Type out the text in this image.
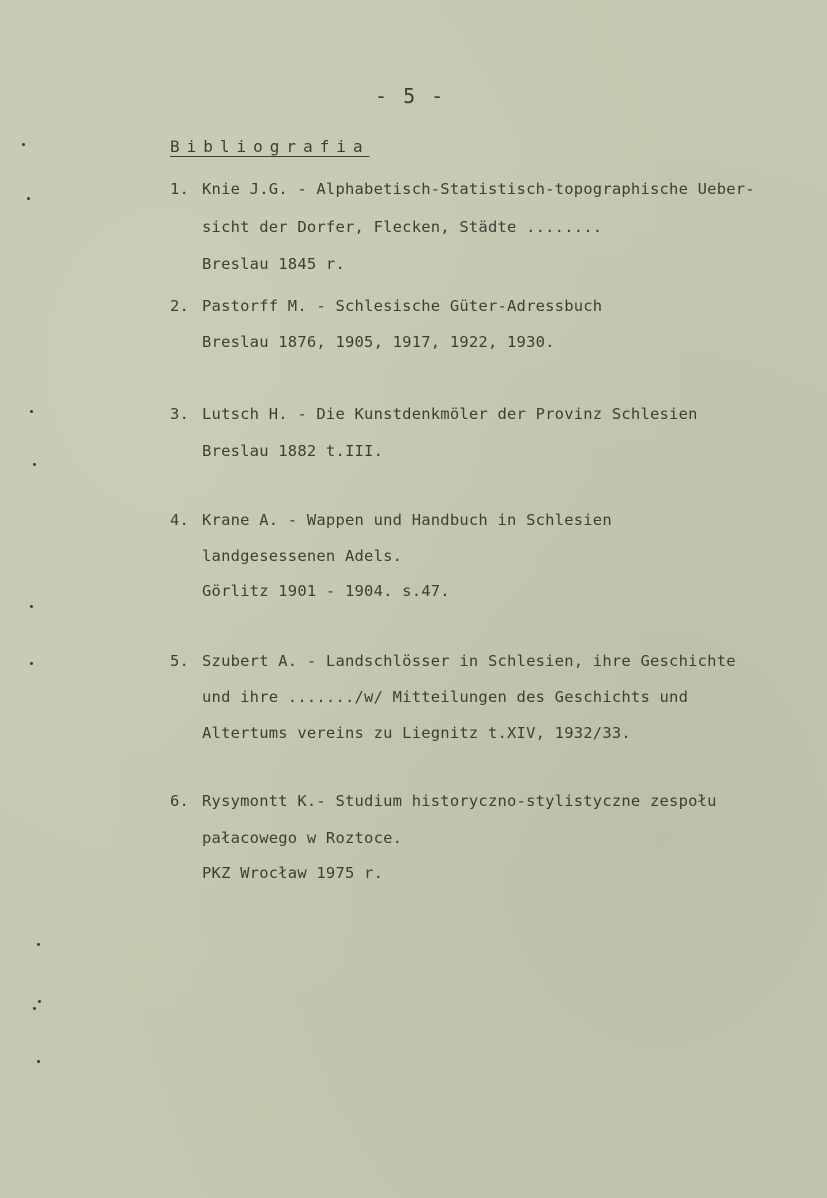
- 5 -
Bibliografia
1. Knie J.G. - Alphabetisch-Statistisch-topographische Ueber-
sicht der Dorfer, Flecken, Städte ........
Breslau 1845 r.
2. Pastorff M. - Schlesische Güter-Adressbuch
Breslau 1876, 1905, 1917, 1922, 1930.
3. Lutsch H. - Die Kunstdenkmöler der Provinz Schlesien
Breslau 1882 t.III.
4. Krane A. - Wappen und Handbuch in Schlesien
landgesessenen Adels.
Görlitz 1901 - 1904. s.47.
5. Szubert A. - Landschlösser in Schlesien, ihre Geschichte
und ihre ......./w/ Mitteilungen des Geschichts und
Altertums vereins zu Liegnitz t.XIV, 1932/33.
6. Rysymontt K.- Studium historyczno-stylistyczne zespołu
pałacowego w Roztoce.
PKZ Wrocław 1975 r.
